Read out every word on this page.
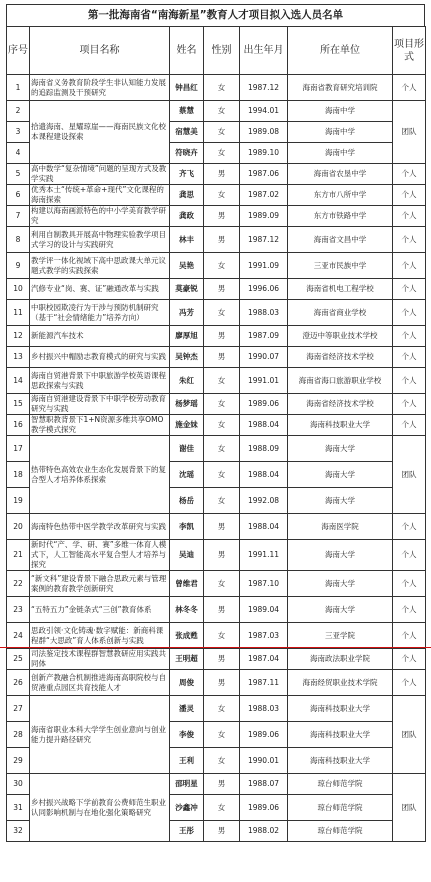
第一批海南省“南海新星”教育人才项目拟入选人员名单
序号	项目名称	姓名	性别	出生年月	所在单位	项目形式
1	海南省义务教育阶段学生非认知能力发展的追踪监测及干预研究	钟昌红	女	1987.12	海南省教育研究培训院	个人
2	拾遗海南、星耀琼崖——海南民族文化校本课程建设探索	蔡慧	女	1994.01	海南中学	团队
3		宿慧美	女	1989.08	海南中学	
4		符晓卉	女	1989.10	海南中学	
5	高中数学“复杂情境”问题的呈现方式及教学实践	齐飞	男	1987.06	海南省农垦中学	个人
6	优秀本土“传统+革命+现代”文化课程的海南探索	龚思	女	1987.02	东方市八所中学	个人
7	构建以海南画派特色的中小学美育教学研究	龚政	男	1989.09	东方市铁路中学	个人
8	利用自制教具开展高中物理实验教学项目式学习的设计与实践研究	林丰	男	1987.12	海南省文昌中学	个人
9	教学评一体化视域下高中思政课大单元议题式教学的实践探索	吴艳	女	1991.09	三亚市民族中学	个人
10	汽修专业“岗、赛、证”融通改革与实践	莫豪锐	男	1996.06	海南省机电工程学校	个人
11	中职校园欺凌行为干涉与预防机制研究（基于“社会情绪能力”培养方向）	冯芳	女	1988.03	海南省商业学校	个人
12	新能源汽车技术	廖厚旭	男	1987.09	澄迈中等职业技术学校	个人
13	乡村振兴中帽励志教育模式的研究与实践	吴钟杰	男	1990.07	海南省经济技术学校	个人
14	海南自贸港背景下中职旅游学校英语课程思政探索与实践	朱红	女	1991.01	海南省海口旅游职业学校	个人
15	海南自贸港建设背景下中职学校劳动教育研究与实践	杨梦瑶	女	1989.06	海南省经济技术学校	个人
16	智慧职教背景下1+N资源多维共享OMO教学模式探究	施金妹	女	1988.04	海南科技职业大学	个人
17	热带特色高效农业生态化发展背景下的复合型人才培养体系探索	谢佳	女	1988.09	海南大学	团队
18		沈瑶	女	1988.04	海南大学	
19		杨岳	女	1992.08	海南大学	
20	海南特色热带中医学教学改革研究与实践	李凯	男	1988.04	海南医学院	个人
21	新时代“产、学、研、赛”多维一体育人模式下，人工智能高水平复合型人才培养与探究	吴迪	男	1991.11	海南大学	个人
22	“新文科”建设背景下融合思政元素与管理案例的教育教学创新研究	曾维君	女	1987.10	海南大学	个人
23	“五特五力”金链条式“三创”教育体系	林冬冬	男	1989.04	海南大学	个人
24	思政引领·文化铸魂·数字赋能：新商科课程群“大思政”育人体系创新与实践	张成甦	女	1987.03	三亚学院	个人
25	司法鉴定技术课程群智慧教研应用实践共同体	王明超	男	1987.04	海南政法职业学院	个人
26	创新产教融合机制推进海南高职院校与自贸港重点园区共育技能人才	周俊	男	1987.11	海南经贸职业技术学院	个人
27	海南省职业本科大学学生创业意向与创业能力提升路径研究	潘灵	女	1988.03	海南科技职业大学	团队
28		李俊	女	1989.06	海南科技职业大学	
29		王利	女	1990.01	海南科技职业大学	
30	乡村振兴战略下学前教育公费师范生职业认同影响机制与在地化强化策略研究	邵明星	男	1988.07	琼台师范学院	团队
31		沙鑫冲	女	1989.06	琼台师范学院	
32		王彤	男	1988.02	琼台师范学院	
